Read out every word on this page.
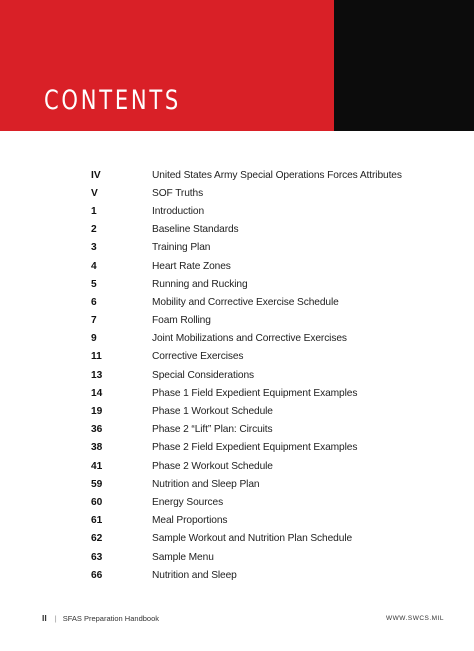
CONTENTS
IV	United States Army Special Operations Forces Attributes
V	SOF Truths
1	Introduction
2	Baseline Standards
3	Training Plan
4	Heart Rate Zones
5	Running and Rucking
6	Mobility and Corrective Exercise Schedule
7	Foam Rolling
9	Joint Mobilizations and Corrective Exercises
11	Corrective Exercises
13	Special Considerations
14	Phase 1 Field Expedient Equipment Examples
19	Phase 1 Workout Schedule
36	Phase 2 “Lift” Plan: Circuits
38	Phase 2 Field Expedient Equipment Examples
41	Phase 2 Workout Schedule
59	Nutrition and Sleep Plan
60	Energy Sources
61	Meal Proportions
62	Sample Workout and Nutrition Plan Schedule
63	Sample Menu
66	Nutrition and Sleep
II | SFAS Preparation Handbook	WWW.SWCS.MIL
